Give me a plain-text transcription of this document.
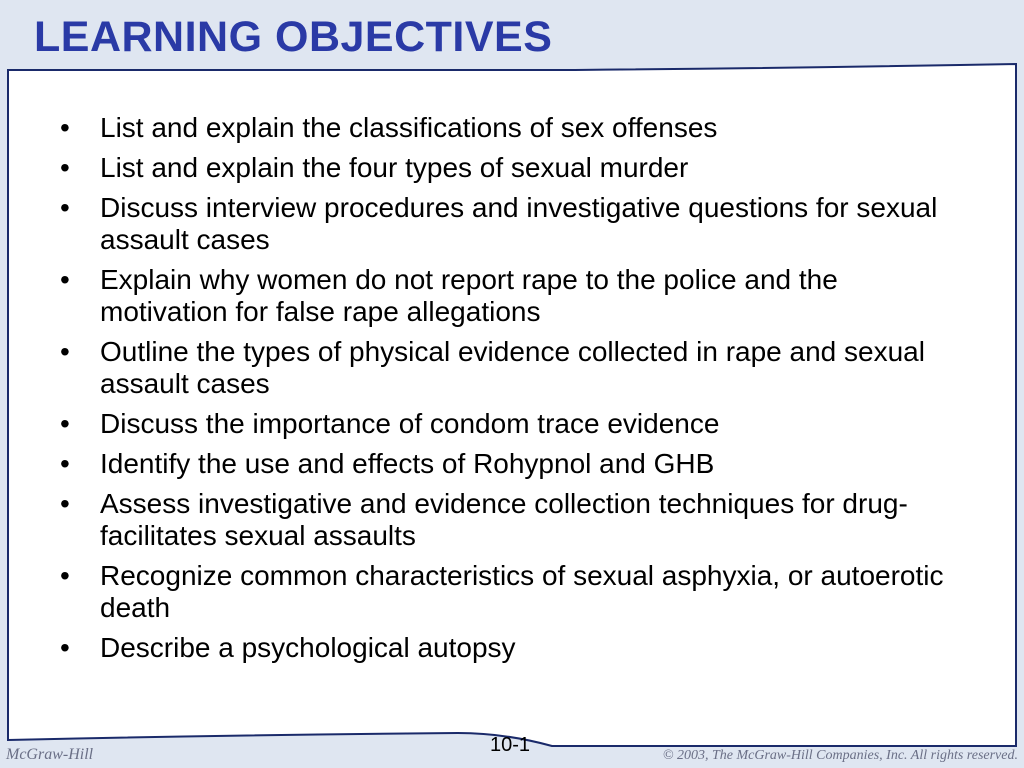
LEARNING OBJECTIVES
• List and explain the classifications of sex offenses
• List and explain the four types of sexual murder
• Discuss interview procedures and investigative questions for sexual assault cases
• Explain why women do not report rape to the police and the motivation for false rape allegations
• Outline the types of physical evidence collected in rape and sexual assault cases
• Discuss the importance of condom trace evidence
• Identify the use and effects of Rohypnol and GHB
• Assess investigative and evidence collection techniques for drug-facilitates sexual assaults
• Recognize common characteristics of sexual asphyxia, or autoerotic death
• Describe a psychological autopsy
10-1
McGraw-Hill	© 2003, The McGraw-Hill Companies, Inc. All rights reserved.
